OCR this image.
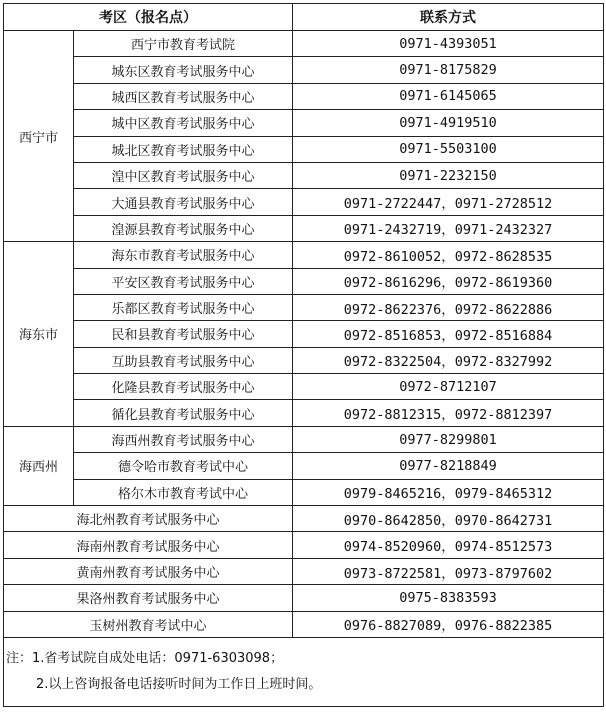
考区（报名点）		联系方式
西宁市	西宁市教育考试院	0971-4393051
	城东区教育考试服务中心	0971-8175829
	城西区教育考试服务中心	0971-6145065
	城中区教育考试服务中心	0971-4919510
	城北区教育考试服务中心	0971-5503100
	湟中区教育考试服务中心	0971-2232150
	大通县教育考试服务中心	0971-2722447，0971-2728512
	湟源县教育考试服务中心	0971-2432719，0971-2432327
海东市	海东市教育考试服务中心	0972-8610052，0972-8628535
	平安区教育考试服务中心	0972-8616296，0972-8619360
	乐都区教育考试服务中心	0972-8622376，0972-8622886
	民和县教育考试服务中心	0972-8516853，0972-8516884
	互助县教育考试服务中心	0972-8322504，0972-8327992
	化隆县教育考试服务中心	0972-8712107
	循化县教育考试服务中心	0972-8812315，0972-8812397
海西州	海西州教育考试服务中心	0977-8299801
	德令哈市教育考试中心	0977-8218849
	格尔木市教育考试中心	0979-8465216，0979-8465312
海北州教育考试服务中心		0970-8642850，0970-8642731
海南州教育考试服务中心		0974-8520960，0974-8512573
黄南州教育考试服务中心		0973-8722581，0973-8797602
果洛州教育考试服务中心		0975-8383593
玉树州教育考试中心		0976-8827089，0976-8822385

注：1.省考试院自成处电话：0971-6303098；
2.以上咨询报备电话接听时间为工作日上班时间。		
